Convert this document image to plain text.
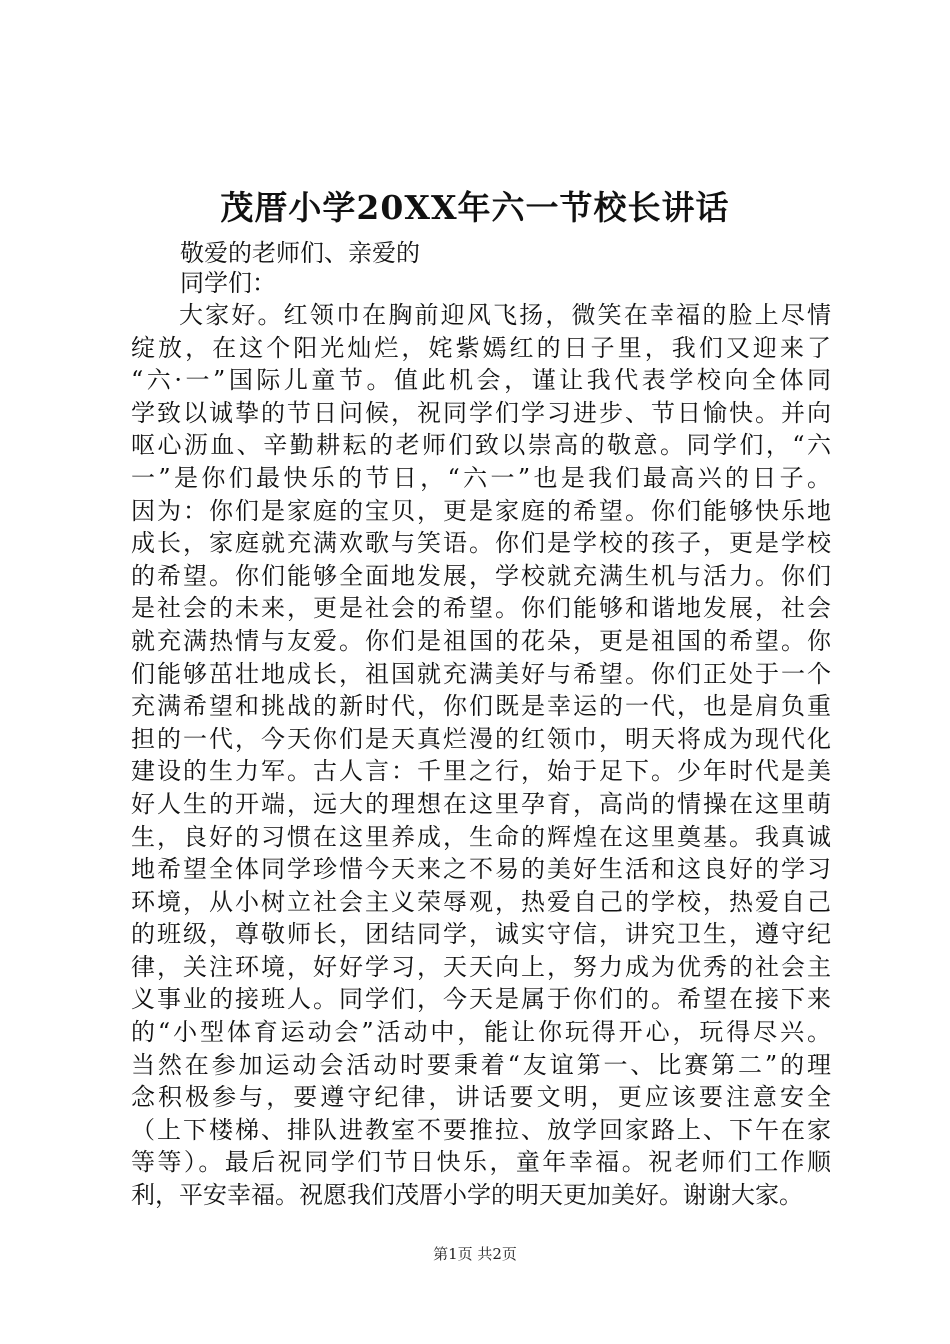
茂厝小学20XX年六一节校长讲话
敬爱的老师们、亲爱的
同学们：
大家好。红领巾在胸前迎风飞扬，微笑在幸福的脸上尽情
绽放，在这个阳光灿烂，姹紫嫣红的日子里，我们又迎来了
“六·一”国际儿童节。值此机会，谨让我代表学校向全体同
学致以诚挚的节日问候，祝同学们学习进步、节日愉快。并向
呕心沥血、辛勤耕耘的老师们致以崇高的敬意。同学们，“六
一”是你们最快乐的节日，“六一”也是我们最高兴的日子。
因为：你们是家庭的宝贝，更是家庭的希望。你们能够快乐地
成长，家庭就充满欢歌与笑语。你们是学校的孩子，更是学校
的希望。你们能够全面地发展，学校就充满生机与活力。你们
是社会的未来，更是社会的希望。你们能够和谐地发展，社会
就充满热情与友爱。你们是祖国的花朵，更是祖国的希望。你
们能够茁壮地成长，祖国就充满美好与希望。你们正处于一个
充满希望和挑战的新时代，你们既是幸运的一代，也是肩负重
担的一代，今天你们是天真烂漫的红领巾，明天将成为现代化
建设的生力军。古人言：千里之行，始于足下。少年时代是美
好人生的开端，远大的理想在这里孕育，高尚的情操在这里萌
生，良好的习惯在这里养成，生命的辉煌在这里奠基。我真诚
地希望全体同学珍惜今天来之不易的美好生活和这良好的学习
环境，从小树立社会主义荣辱观，热爱自己的学校，热爱自己
的班级，尊敬师长，团结同学，诚实守信，讲究卫生，遵守纪
律，关注环境，好好学习，天天向上，努力成为优秀的社会主
义事业的接班人。同学们，今天是属于你们的。希望在接下来
的“小型体育运动会”活动中，能让你玩得开心，玩得尽兴。
当然在参加运动会活动时要秉着“友谊第一、比赛第二”的理
念积极参与，要遵守纪律，讲话要文明，更应该要注意安全
（上下楼梯、排队进教室不要推拉、放学回家路上、下午在家
等等）。最后祝同学们节日快乐，童年幸福。祝老师们工作顺
利，平安幸福。祝愿我们茂厝小学的明天更加美好。谢谢大家。
第1页 共2页
